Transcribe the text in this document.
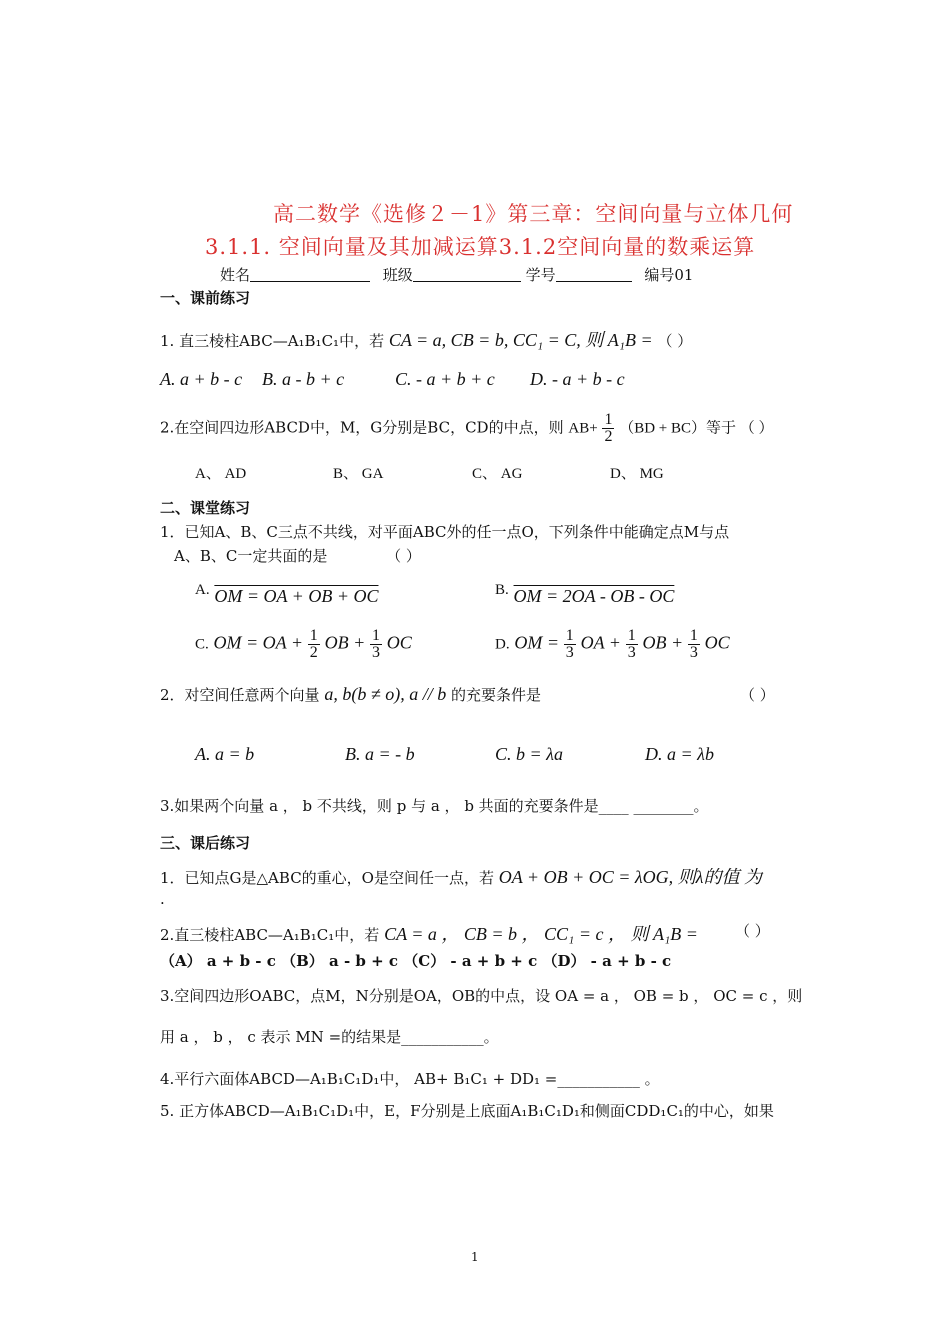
高二数学《选修２－1》第三章：空间向量与立体几何
3.1.1. 空间向量及其加减运算3.1.2空间向量的数乘运算
姓名	班级	学号	编号01
一、课前练习
1. 直三棱柱ABC—A₁B₁C₁中，若 CA = a, CB = b, CC₁ = C, 则 A₁B = （ ）
A. a + b - c B. a - b + c	C. - a + b + c D. - a + b - c
2.在空间四边形ABCD中，M，G分别是BC，CD的中点，则 $AB+ \frac{1}{2} (BD + BC)$等于 （ ）
A、 AD	B、 GA	C、 AG	D、 MG
二、课堂练习
1．已知A、B、C三点不共线，对平面ABC外的任一点O，下列条件中能确定点M与点
A、B、C一定共面的是	（ ）
A. OM = OA + OB + OC	B. OM = 2OA - OB - OC
C. OM = OA + $\frac{1}{2}$ OB + $\frac{1}{3}$ OC	D. OM = $\frac{1}{3}$ OA + $\frac{1}{3}$ OB + $\frac{1}{3}$ OC
2．对空间任意两个向量 a, b(b ≠ o), a // b 的充要条件是	（ ）
A. a = b	B. a = - b	C. b = λa	D. a = λb
3.如果两个向量 a ， b 不共线，则 p 与 a ， b 共面的充要条件是____ ________。
三、课后练习
1．已知点G是△ABC的重心，O是空间任一点，若 OA + OB + OC = λOG, 则λ的值 为
.
2.直三棱柱ABC—A₁B₁C₁中，若 CA = a ， CB = b ， CC₁ = c ， 则 A₁B = （ ）
（A） a + b - c （B） a - b + c （C） - a + b + c （D） - a + b - c
3.空间四边形OABC，点M，N分别是OA，OB的中点，设 OA = a ， OB = b ， OC = c ，则
用 a ， b ， c 表示 MN =的结果是___________。
4.平行六面体ABCD—A₁B₁C₁D₁中， AB+ B₁C₁ + DD₁ =___________ 。
5. 正方体ABCD—A₁B₁C₁D₁中，E，F分别是上底面A₁B₁C₁D₁和侧面CDD₁C₁的中心，如果
1
